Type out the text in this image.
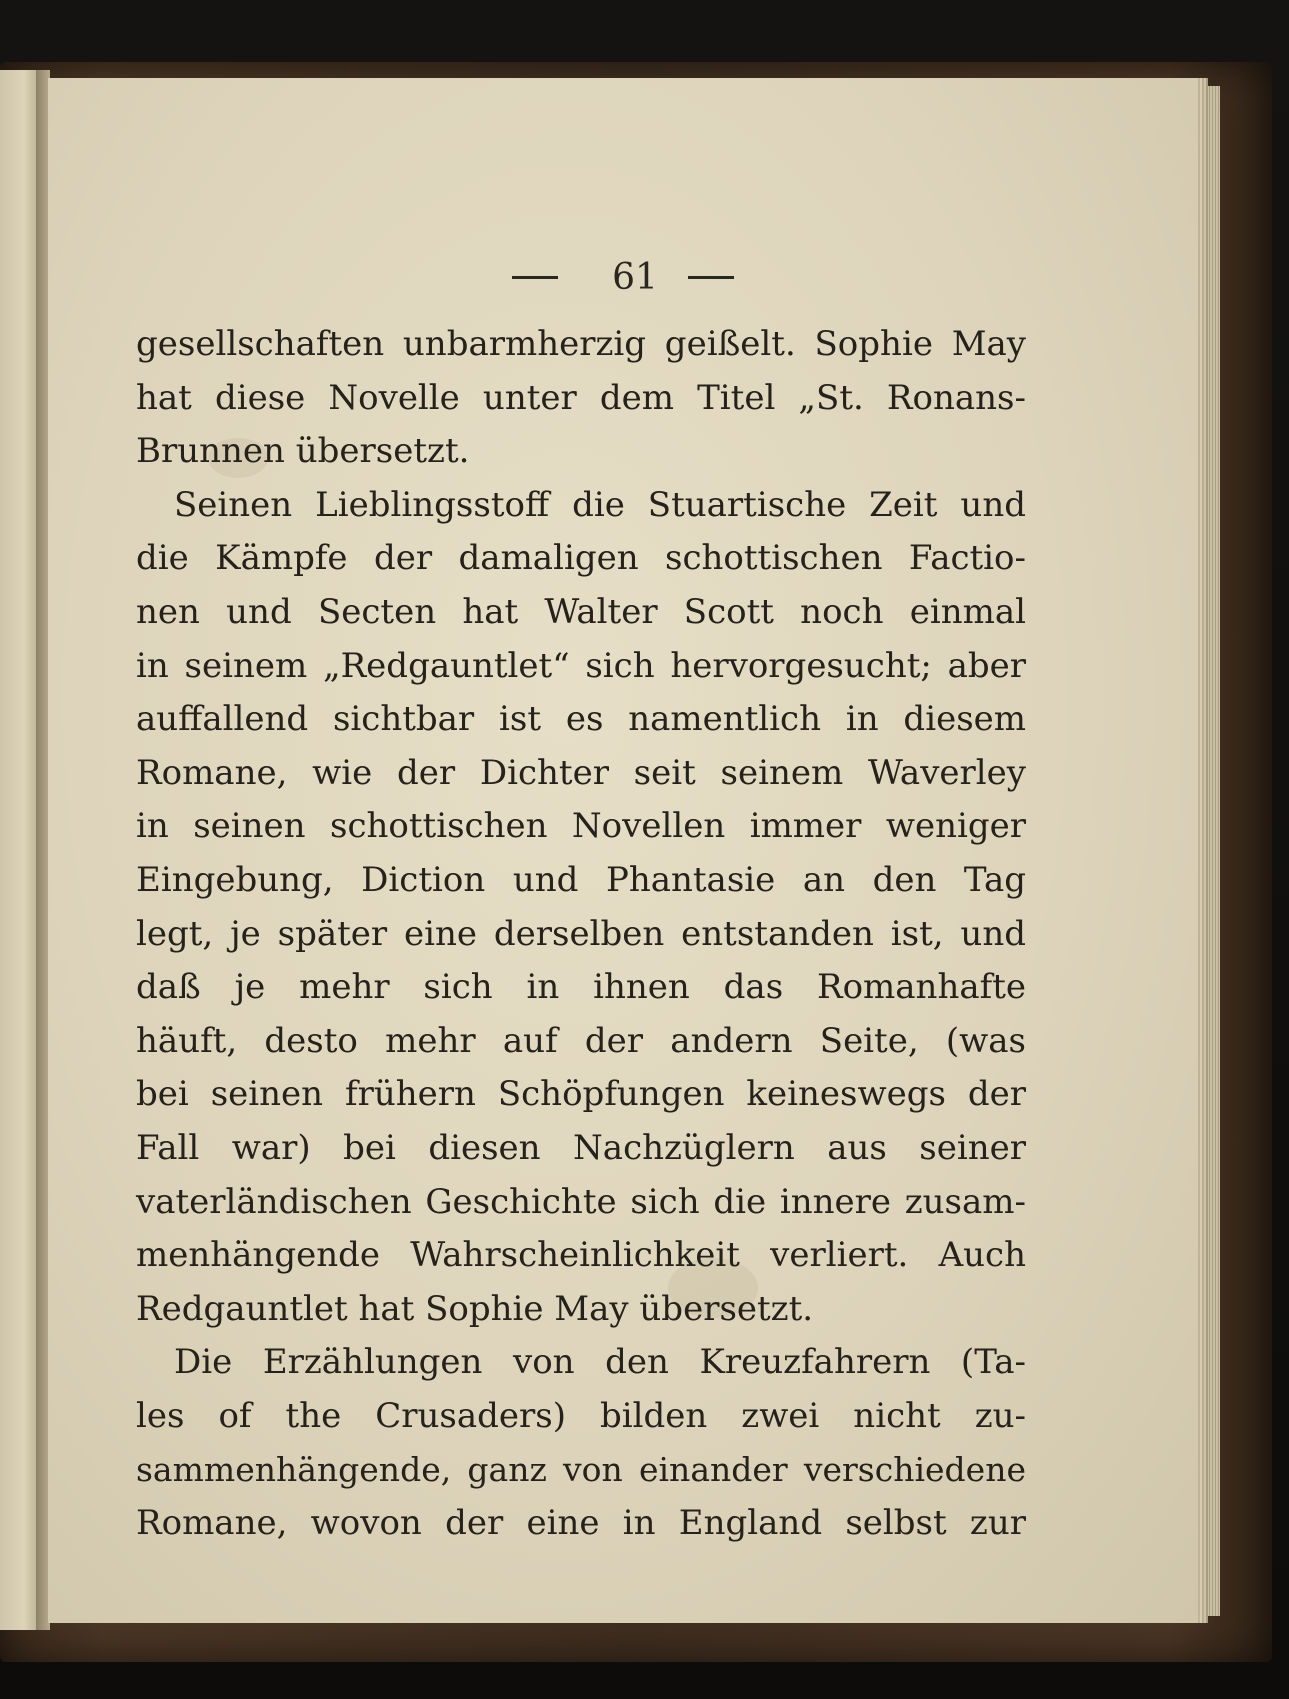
61
gesellschaften unbarmherzig geißelt. Sophie May
hat diese Novelle unter dem Titel „St. Ronans-
Brunnen übersetzt.
Seinen Lieblingsstoff die Stuartische Zeit und
die Kämpfe der damaligen schottischen Factio-
nen und Secten hat Walter Scott noch einmal
in seinem „Redgauntlet“ sich hervorgesucht; aber
auffallend sichtbar ist es namentlich in diesem
Romane, wie der Dichter seit seinem Waverley
in seinen schottischen Novellen immer weniger
Eingebung, Diction und Phantasie an den Tag
legt, je später eine derselben entstanden ist, und
daß je mehr sich in ihnen das Romanhafte
häuft, desto mehr auf der andern Seite, (was
bei seinen frühern Schöpfungen keineswegs der
Fall war) bei diesen Nachzüglern aus seiner
vaterländischen Geschichte sich die innere zusam-
menhängende Wahrscheinlichkeit verliert. Auch
Redgauntlet hat Sophie May übersetzt.
Die Erzählungen von den Kreuzfahrern (Ta-
les of the Crusaders) bilden zwei nicht zu-
sammenhängende, ganz von einander verschiedene
Romane, wovon der eine in England selbst zur
